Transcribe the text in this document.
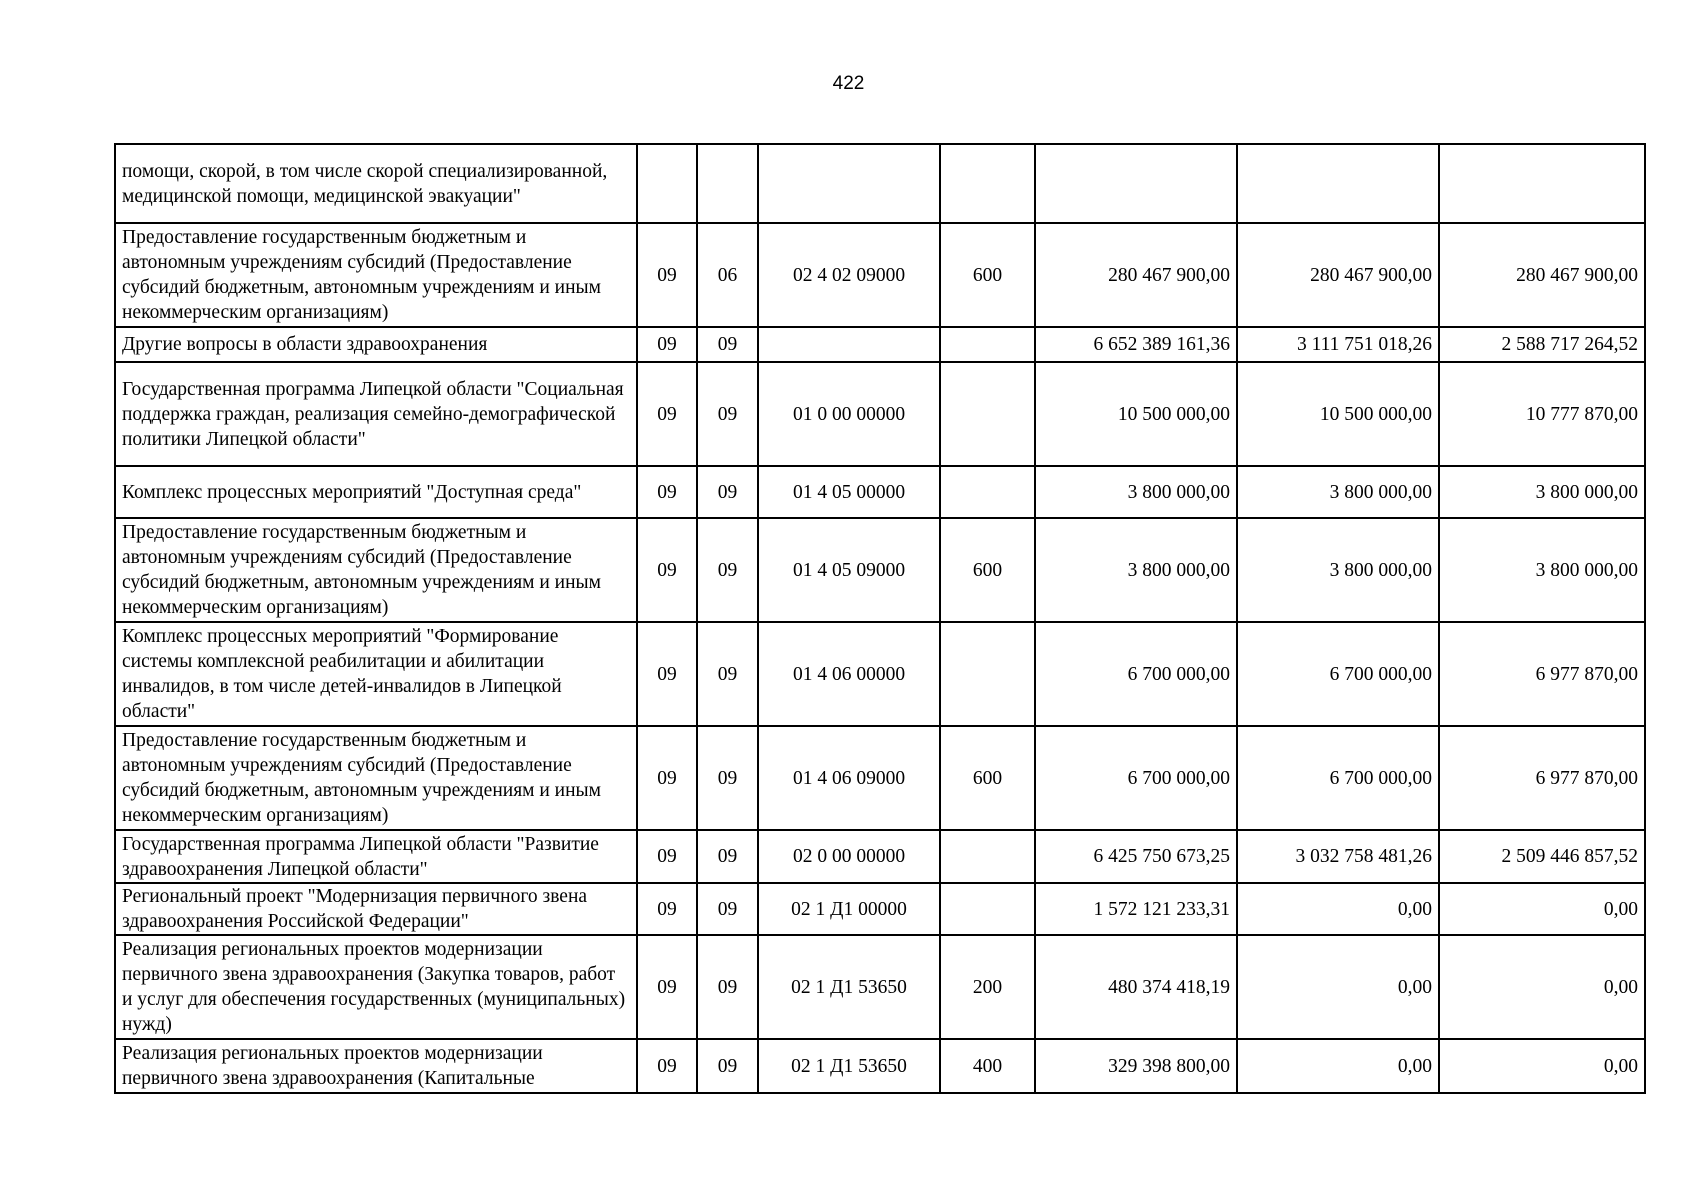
422
помощи, скорой, в том числе скорой специализированной, медицинской помощи, медицинской эвакуации"							
Предоставление государственным бюджетным и автономным учреждениям субсидий (Предоставление субсидий бюджетным, автономным учреждениям и иным некоммерческим организациям)	09	06	02 4 02 09000	600	280 467 900,00	280 467 900,00	280 467 900,00
Другие вопросы в области здравоохранения	09	09			6 652 389 161,36	3 111 751 018,26	2 588 717 264,52
Государственная программа Липецкой области "Социальная поддержка граждан, реализация семейно-демографической политики Липецкой области"	09	09	01 0 00 00000		10 500 000,00	10 500 000,00	10 777 870,00
Комплекс процессных мероприятий "Доступная среда"	09	09	01 4 05 00000		3 800 000,00	3 800 000,00	3 800 000,00
Предоставление государственным бюджетным и автономным учреждениям субсидий (Предоставление субсидий бюджетным, автономным учреждениям и иным некоммерческим организациям)	09	09	01 4 05 09000	600	3 800 000,00	3 800 000,00	3 800 000,00
Комплекс процессных мероприятий "Формирование системы комплексной реабилитации и абилитации инвалидов, в том числе детей-инвалидов в Липецкой области"	09	09	01 4 06 00000		6 700 000,00	6 700 000,00	6 977 870,00
Предоставление государственным бюджетным и автономным учреждениям субсидий (Предоставление субсидий бюджетным, автономным учреждениям и иным некоммерческим организациям)	09	09	01 4 06 09000	600	6 700 000,00	6 700 000,00	6 977 870,00
Государственная программа Липецкой области "Развитие здравоохранения Липецкой области"	09	09	02 0 00 00000		6 425 750 673,25	3 032 758 481,26	2 509 446 857,52
Региональный проект "Модернизация первичного звена здравоохранения Российской Федерации"	09	09	02 1 Д1 00000		1 572 121 233,31	0,00	0,00
Реализация региональных проектов модернизации первичного звена здравоохранения (Закупка товаров, работ и услуг для обеспечения государственных (муниципальных) нужд)	09	09	02 1 Д1 53650	200	480 374 418,19	0,00	0,00
Реализация региональных проектов модернизации первичного звена здравоохранения (Капитальные	09	09	02 1 Д1 53650	400	329 398 800,00	0,00	0,00
